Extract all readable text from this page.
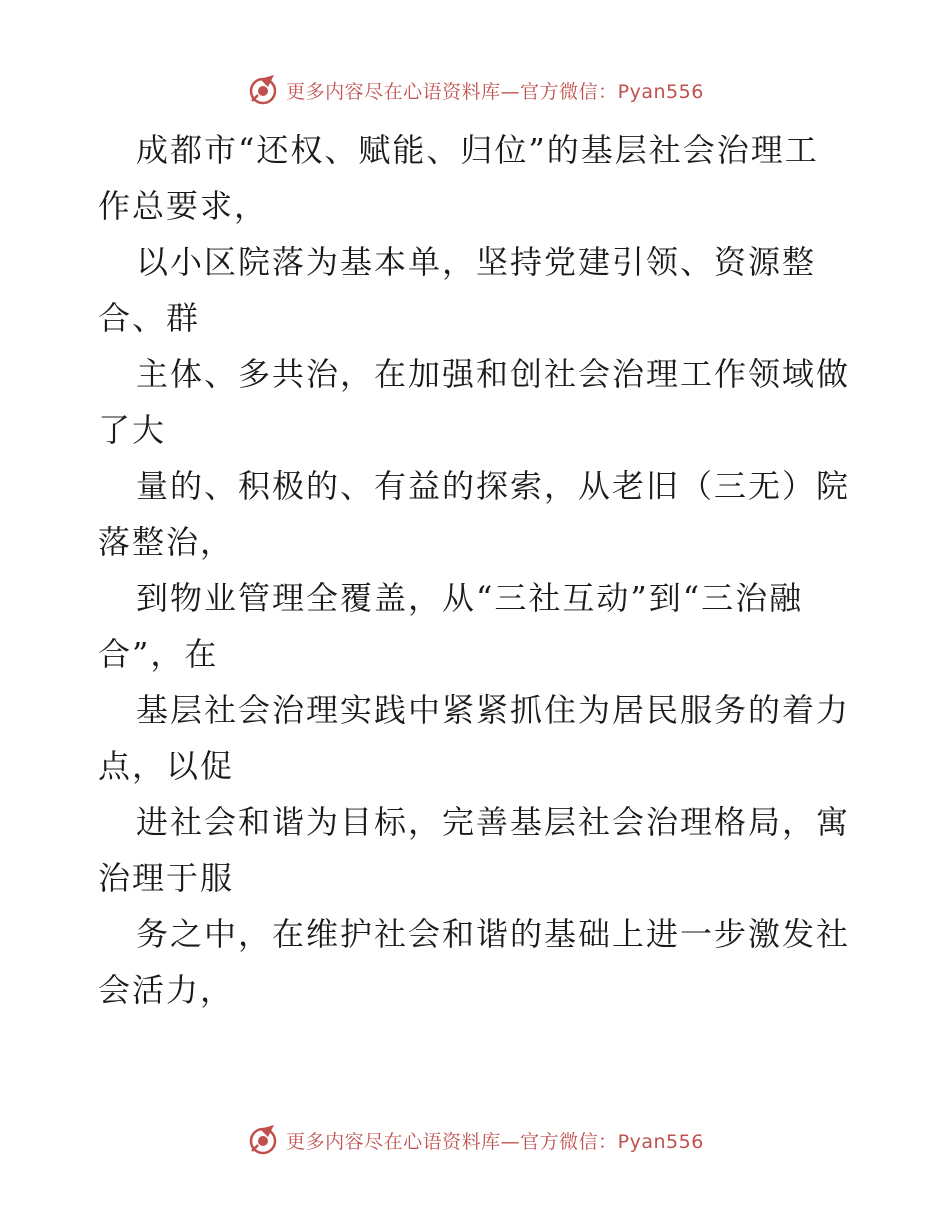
更多内容尽在心语资料库—官方微信：Pyan556
成都市“还权、赋能、归位”的基层社会治理工
作总要求，
以小区院落为基本单，坚持党建引领、资源整
合、群
主体、多共治，在加强和创社会治理工作领域做
了大
量的、积极的、有益的探索，从老旧（三无）院
落整治，
到物业管理全覆盖，从“三社互动”到“三治融
合”，在
基层社会治理实践中紧紧抓住为居民服务的着力
点，以促
进社会和谐为目标，完善基层社会治理格局，寓
治理于服
务之中，在维护社会和谐的基础上进一步激发社
会活力，
更多内容尽在心语资料库—官方微信：Pyan556
